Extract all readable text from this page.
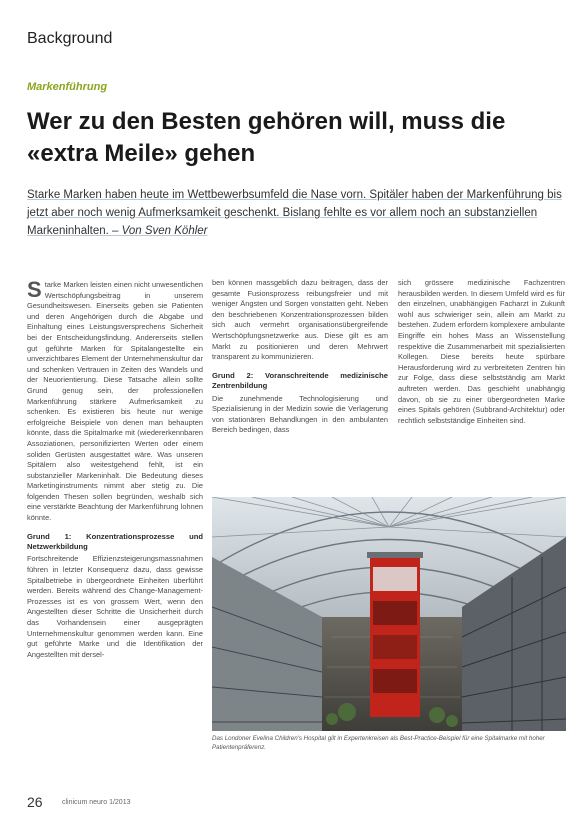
Background
Markenführung
Wer zu den Besten gehören will, muss die «extra Meile» gehen
Starke Marken haben heute im Wettbewerbsumfeld die Nase vorn. Spitäler haben der Markenführung bis jetzt aber noch wenig Aufmerksamkeit geschenkt. Bislang fehlte es vor allem noch an substanziellen Markeninhalten. – Von Sven Köhler

Starke Marken leisten einen nicht unwesentlichen Wertschöpfungsbeitrag in unserem Gesundheitswesen. Einerseits geben sie Patienten und deren Angehörigen durch die Abgabe und Einhaltung eines Leistungsversprechens Sicherheit bei der Entscheidungsfindung. Andererseits stellen gut geführte Marken für Spitalangestellte ein unverzichtbares Element der Unternehmenskultur dar und schenken Vertrauen in Zeiten des Wandels und der Neuorientierung. Diese Tatsache allein sollte Grund genug sein, der professionellen Markenführung stärkere Aufmerksamkeit zu schenken. Es existieren bis heute nur wenige erfolgreiche Beispiele von denen man behaupten könnte, dass die Spitalmarke mit (wiedererkennbaren Assoziationen, personifizierten Werten oder einem soliden Gerüsten ausgestattet wäre. Was unseren Spitälern also weitestgehend fehlt, ist ein substanzieller Markeninhalt. Die Bedeutung dieses Marketinginstruments nimmt aber stetig zu. Die folgenden Thesen sollen begründen, weshalb sich eine verstärkte Beachtung der Markenführung lohnen könnte.

Grund 1: Konzentrationsprozesse und Netzwerkbildung

Fortschreitende Effizienzsteigerungsmassnahmen führen in letzter Konsequenz dazu, dass gewisse Spitalbetriebe in übergeordnete Einheiten überführt werden. Bereits während des Change-Management-Prozesses ist es von grossem Wert, wenn den Angestellten dieser Schritte die Unsicherheit durch das Vorhandensein einer ausgeprägten Unternehmenskultur genommen werden kann. Eine gut geführte Marke und die Identifikation der Angestellten mit dersel-

ben können massgeblich dazu beitragen, dass der gesamte Fusionsprozess reibungsfreier und mit weniger Ängsten und Sorgen vonstatten geht. Neben den beschriebenen Konzentrationsprozessen bilden sich auch vermehrt organisationsübergreifende Wertschöpfungsnetzwerke aus. Diese gilt es am Markt zu positionieren und deren Mehrwert transparent zu kommunizieren.

Grund 2: Voranschreitende medizinische Zentrenbildung

Die zunehmende Technologisierung und Spezialisierung in der Medizin sowie die Verlagerung von stationären Behandlungen in den ambulanten Bereich bedingen, dass

sich grössere medizinische Fachzentren herausbilden werden. In diesem Umfeld wird es für den einzelnen, unabhängigen Facharzt in Zukunft wohl aus schwieriger sein, allein am Markt zu bestehen. Zudem erfordern komplexere ambulante Eingriffe ein hohes Mass an Wissenstellung respektive die Zusammenarbeit mit spezialisierten Kollegen. Diese bereits heute spürbare Herausforderung wird zu verbreiteten Zentren hin zur Folge, dass diese selbstständig am Markt auftreten werden. Das geschieht unabhängig davon, ob sie zu einer übergeordneten Marke eines Spitals gehören (Subbrand-Architektur) oder rechtlich selbstständige Einheiten sind.

Das Londoner Evelina Children's Hospital gilt in Expertenkreisen als Best-Practice-Beispiel für eine Spitalmarke mit hoher Patientenpräferenz.
26	clinicum neuro 1/2013
